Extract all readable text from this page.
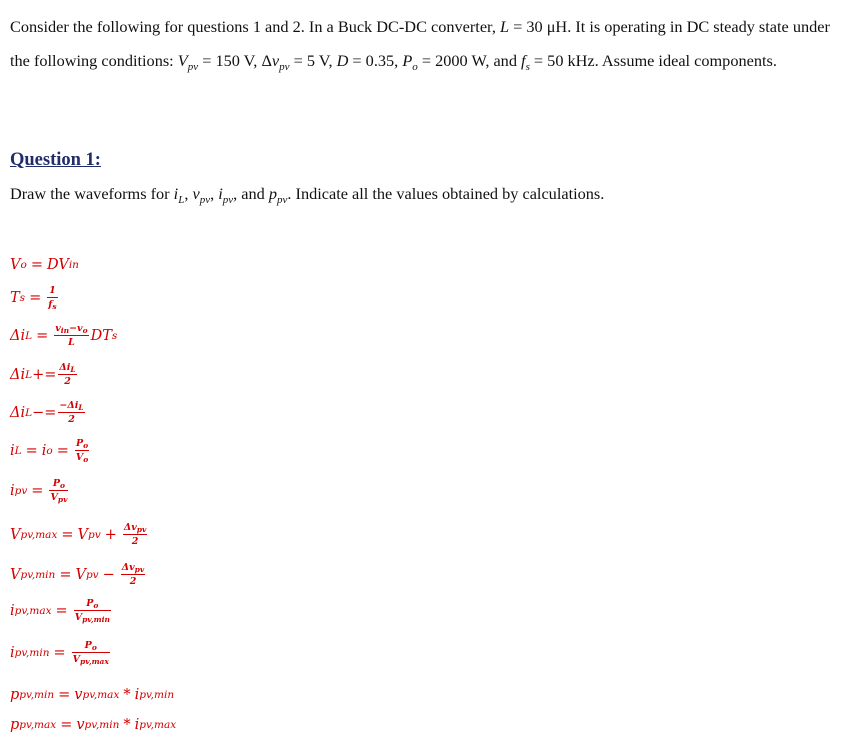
Consider the following for questions 1 and 2. In a Buck DC-DC converter, L = 30 μH. It is operating in DC steady state under the following conditions: $V_{pv} = 150$ V, $\Delta v_{pv} = 5$ V, D = 0.35, $P_o = 2000$ W, and $f_s = 50$ kHz. Assume ideal components.

Question 1:

Draw the waveforms for $i_L$, $v_{pv}$, $i_{pv}$, and $p_{pv}$. Indicate all the values obtained by calculations.

V o = DV in
T $s = \frac{1}{f_s}$
Δi $L = \frac{v_{in}-v_o}{L}$ DT s
Δi $L += \frac{\Delta i_L}{2}$
Δi $L -= \frac{-\Delta i_L}{2}$
i L = i $o = \frac{P_o}{V_o}$
i pv = $\frac{P_o}{V_{pv}}$
V pv,max = V pv + $\frac{\Delta v_{pv}}{2}$
V pv,min = V pv − $\frac{\Delta v_{pv}}{2}$
i $pv,\max = \frac{P_o}{V_{pv,min}}$
i $pv,\min = \frac{P_o}{V_{pv,max}}$
p pv,min = v pv,max * i pv,min
p pv,max = v pv,min * i pv,max
